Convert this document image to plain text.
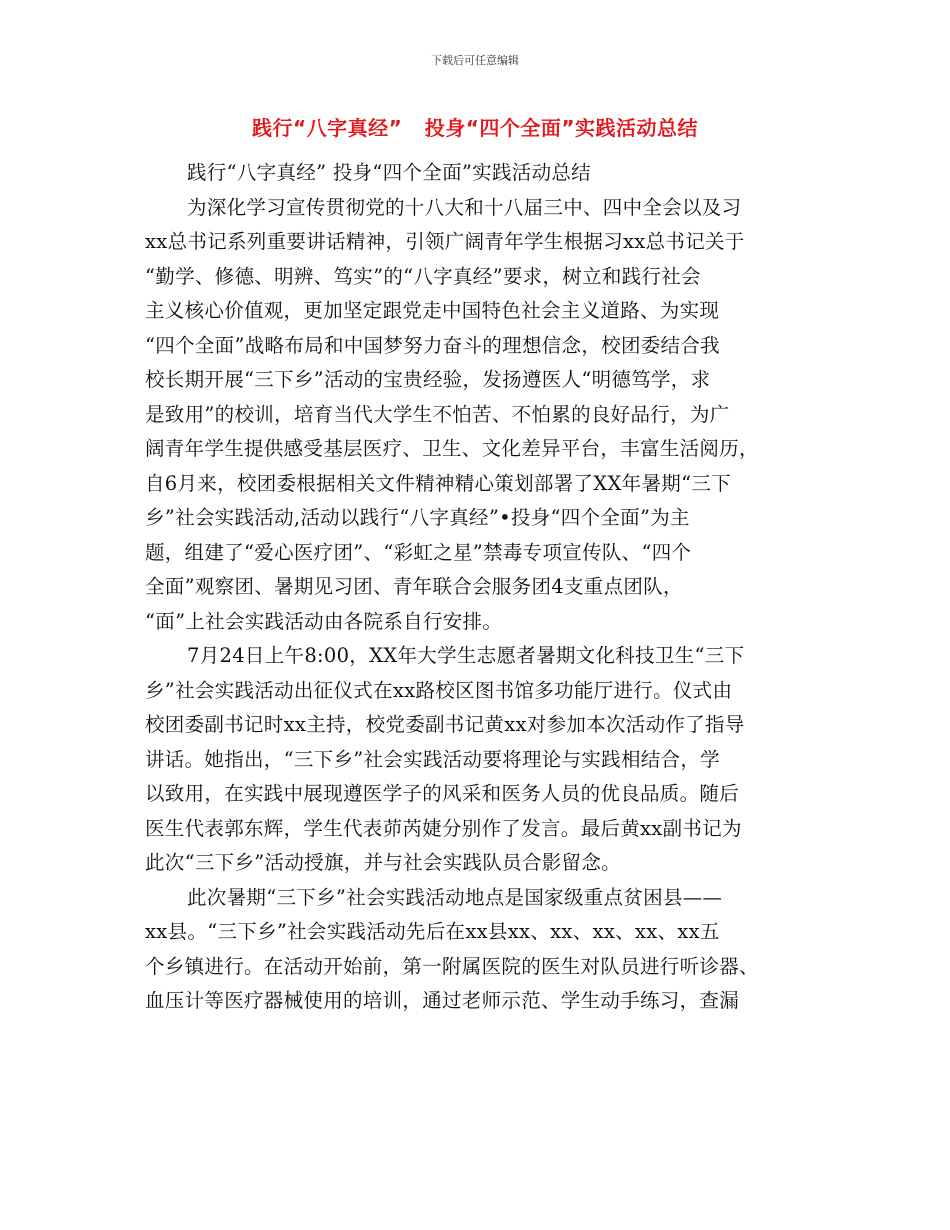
下载后可任意编辑
践行“八字真经”   投身“四个全面”实践活动总结
践行“八字真经” 投身“四个全面”实践活动总结
为深化学习宣传贯彻党的十八大和十八届三中、四中全会以及习
xx总书记系列重要讲话精神，引领广阔青年学生根据习xx总书记关于
“勤学、修德、明辨、笃实”的“八字真经”要求，树立和践行社会
主义核心价值观，更加坚定跟党走中国特色社会主义道路、为实现
“四个全面”战略布局和中国梦努力奋斗的理想信念，校团委结合我
校长期开展“三下乡”活动的宝贵经验，发扬遵医人“明德笃学，求
是致用”的校训，培育当代大学生不怕苦、不怕累的良好品行，为广
阔青年学生提供感受基层医疗、卫生、文化差异平台，丰富生活阅历，
自6月来，校团委根据相关文件精神精心策划部署了XX年暑期“三下
乡”社会实践活动,活动以践行“八字真经”•投身“四个全面”为主
题，组建了“爱心医疗团”、“彩虹之星”禁毒专项宣传队、“四个
全面”观察团、暑期见习团、青年联合会服务团4支重点团队，
“面”上社会实践活动由各院系自行安排。
7月24日上午8:00，XX年大学生志愿者暑期文化科技卫生“三下
乡”社会实践活动出征仪式在xx路校区图书馆多功能厅进行。仪式由
校团委副书记时xx主持，校党委副书记黄xx对参加本次活动作了指导
讲话。她指出，“三下乡”社会实践活动要将理论与实践相结合，学
以致用，在实践中展现遵医学子的风采和医务人员的优良品质。随后
医生代表郭东辉，学生代表茆芮婕分别作了发言。最后黄xx副书记为
此次“三下乡”活动授旗，并与社会实践队员合影留念。
此次暑期“三下乡”社会实践活动地点是国家级重点贫困县——
xx县。“三下乡”社会实践活动先后在xx县xx、xx、xx、xx、xx五
个乡镇进行。在活动开始前，第一附属医院的医生对队员进行听诊器、
血压计等医疗器械使用的培训，通过老师示范、学生动手练习，查漏
